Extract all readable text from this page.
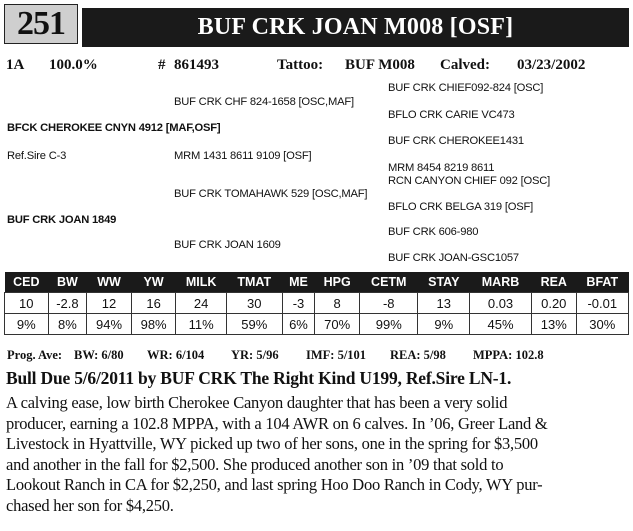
251	BUF CRK JOAN M008 [OSF]
1A 100.0%	# 861493	Tattoo: BUF M008 Calved: 03/23/2002
BUF CRK CHIEF092-824 [OSC]
BUF CRK CHF 824-1658 [OSC,MAF]
BFLO CRK CARIE VC473
BFCK CHEROKEE CNYN 4912 [MAF,OSF]
BUF CRK CHEROKEE1431
Ref.Sire C-3	MRM 1431 8611 9109 [OSF]
MRM 8454 8219 8611
RCN CANYON CHIEF 092 [OSC]
BUF CRK TOMAHAWK 529 [OSC,MAF]
BFLO CRK BELGA 319 [OSF]
BUF CRK JOAN 1849
BUF CRK 606-980
BUF CRK JOAN 1609
BUF CRK JOAN-GSC1057
CED	BW	WW	YW	MILK	TMAT	ME	HPG	CETM	STAY	MARB	REA	BFAT
10	-2.8	12	16	24	30	-3	8	-8	13	0.03	0.20	-0.01
9%	8%	94%	98%	11%	59%	6%	70%	99%	9%	45%	13%	30%
Prog. Ave: BW: 6/80 WR: 6/104 YR: 5/96 IMF: 5/101 REA: 5/98 MPPA: 102.8
Bull Due 5/6/2011 by BUF CRK The Right Kind U199, Ref.Sire LN-1.
A calving ease, low birth Cherokee Canyon daughter that has been a very solid
producer, earning a 102.8 MPPA, with a 104 AWR on 6 calves. In ’06, Greer Land &
Livestock in Hyattville, WY picked up two of her sons, one in the spring for $3,500
and another in the fall for $2,500. She produced another son in ’09 that sold to
Lookout Ranch in CA for $2,250, and last spring Hoo Doo Ranch in Cody, WY pur-
chased her son for $4,250.
